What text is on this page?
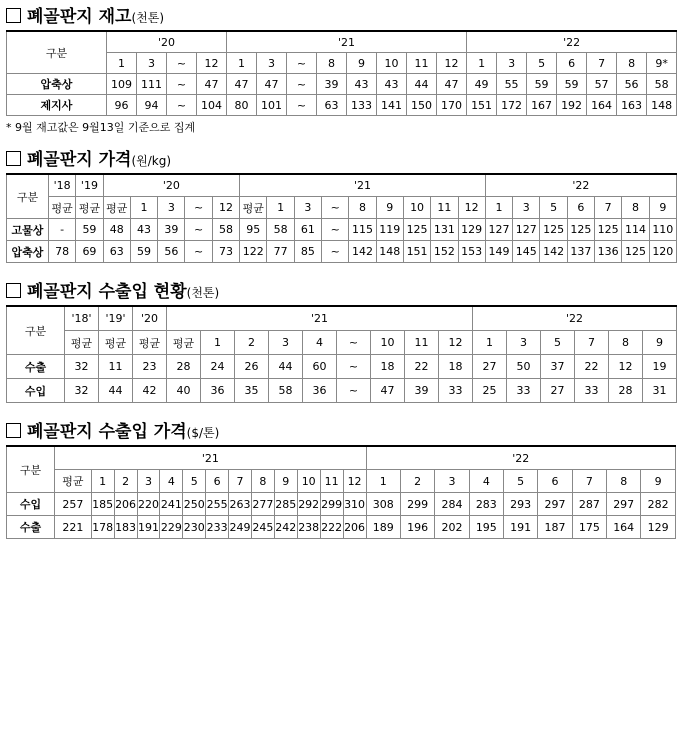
폐골판지 재고(천톤)
구분	'20				'21								'22						
	1	3	~	12	1	3	~	8	9	10	11	12	1	3	5	6	7	8	9*
압축상	109	111	~	47	47	47	~	39	43	43	44	47	49	55	59	59	57	56	58
제지사	96	94	~	104	80	101	~	63	133	141	150	170	151	172	167	192	164	163	148
* 9월 재고값은 9월13일 기준으로 집계
폐골판지 가격(원/kg)
구분	'18	'19	'20					'21									'22						
	평균	평균	평균	1	3	~	12	평균	1	3	~	8	9	10	11	12	1	3	5	6	7	8	9
고물상	-	59	48	43	39	~	58	95	58	61	~	115	119	125	131	129	127	127	125	125	125	114	110
압축상	78	69	63	59	56	~	73	122	77	85	~	142	148	151	152	153	149	145	142	137	136	125	120
폐골판지 수출입 현황(천톤)
구분	'18'	'19'	'20	'21									'22					
	평균	평균	평균	평균	1	2	3	4	~	10	11	12	1	3	5	7	8	9
수출	32	11	23	28	24	26	44	60	~	18	22	18	27	50	37	22	12	19
수입	32	44	42	40	36	35	58	36	~	47	39	33	25	33	27	33	28	31
폐골판지 수출입 가격($/톤)
구분	'21													'22								
	평균	1	2	3	4	5	6	7	8	9	10	11	12	1	2	3	4	5	6	7	8	9
수입	257	185	206	220	241	250	255	263	277	285	292	299	310	308	299	284	283	293	297	287	297	282
수출	221	178	183	191	229	230	233	249	245	242	238	222	206	189	196	202	195	191	187	175	164	129
